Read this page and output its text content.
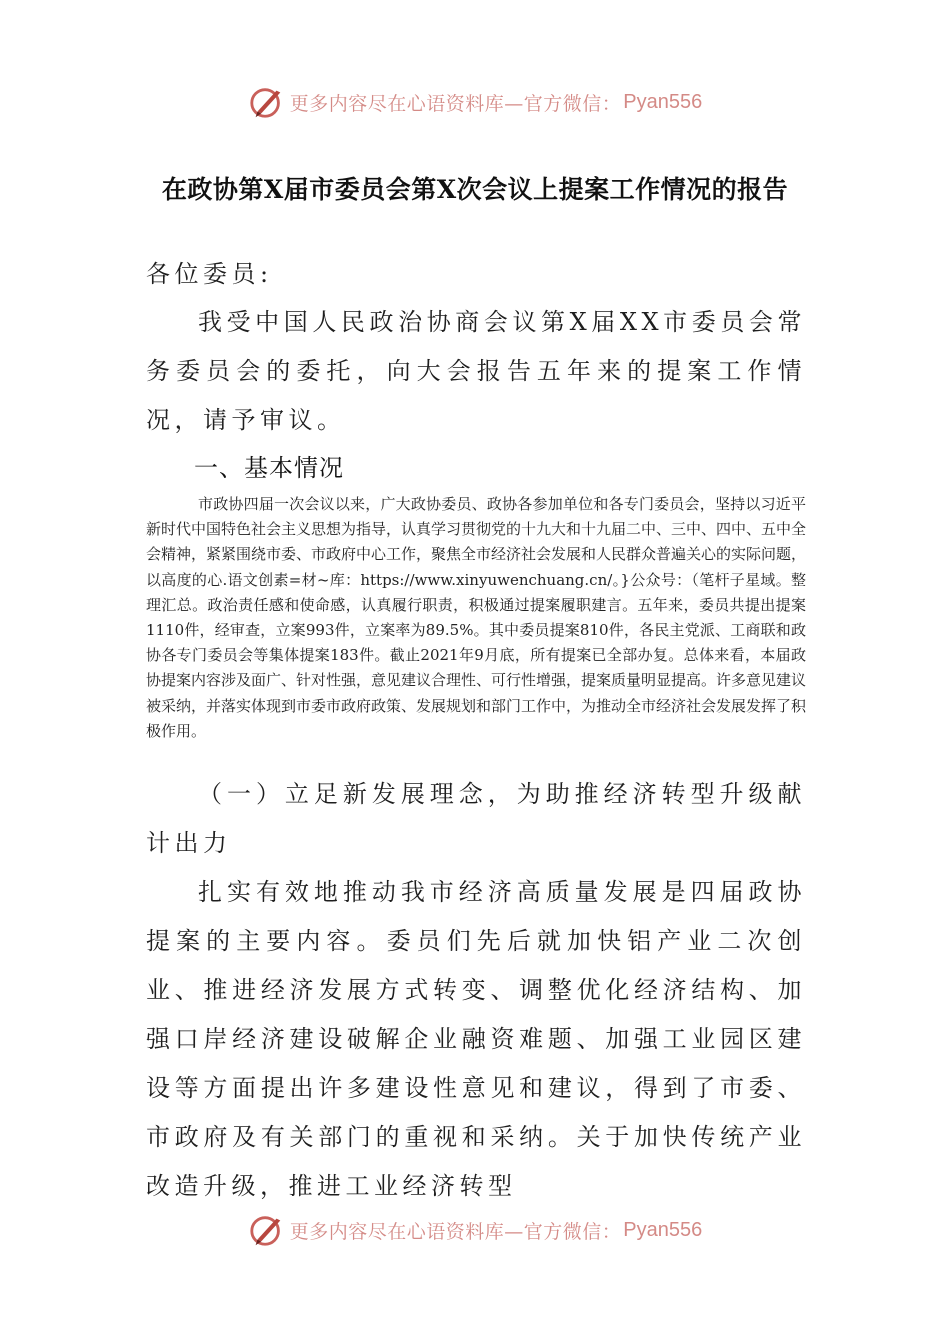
更多内容尽在心语资料库—官方微信： Pyan556
在政协第X届市委员会第X次会议上提案工作情况的报告
各位委员:
我受中国人民政治协商会议第X届XX市委员会常务委员会的委托，向大会报告五年来的提案工作情况，请予审议。
一、基本情况
市政协四届一次会议以来，广大政协委员、政协各参加单位和各专门委员会，坚持以习近平新时代中国特色社会主义思想为指导，认真学习贯彻党的十九大和十九届二中、三中、四中、五中全会精神，紧紧围绕市委、市政府中心工作，聚焦全市经济社会发展和人民群众普遍关心的实际问题，以高度的心.语文创素=材~库：https://www.xinyuwenchuang.cn/。}公众号：（笔杆子星域。整理汇总。政治责任感和使命感，认真履行职责，积极通过提案履职建言。五年来，委员共提出提案1110件，经审查，立案993件，立案率为89.5%。其中委员提案810件，各民主党派、工商联和政协各专门委员会等集体提案183件。截止2021年9月底，所有提案已全部办复。总体来看，本届政协提案内容涉及面广、针对性强，意见建议合理性、可行性增强，提案质量明显提高。许多意见建议被采纳，并落实体现到市委市政府政策、发展规划和部门工作中，为推动全市经济社会发展发挥了积极作用。
（一）立足新发展理念，为助推经济转型升级献计出力
扎实有效地推动我市经济高质量发展是四届政协提案的主要内容。委员们先后就加快铝产业二次创业、推进经济发展方式转变、调整优化经济结构、加强口岸经济建设破解企业融资难题、加强工业园区建设等方面提出许多建设性意见和建议，得到了市委、市政府及有关部门的重视和采纳。关于加快传统产业改造升级，推进工业经济转型
更多内容尽在心语资料库—官方微信： Pyan556
